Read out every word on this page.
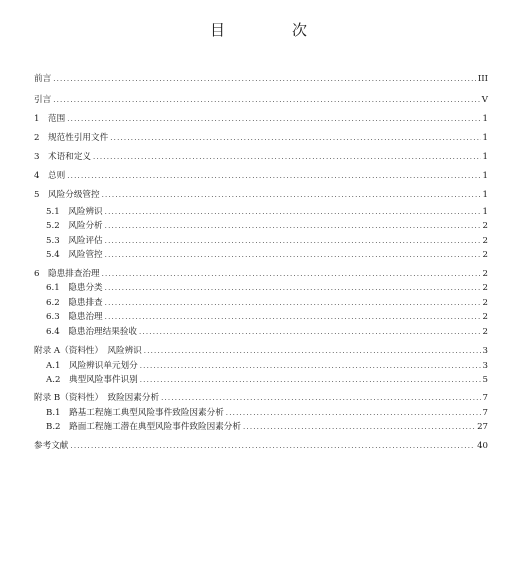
目　次
前言 .....	III
引言 .....	V
1　范围 .....	1
2　规范性引用文件 .....	1
3　术语和定义 .....	1
4　总则 .....	1
5　风险分级管控 .....	1
5.1　风险辨识 .....	1
5.2　风险分析 .....	2
5.3　风险评估 .....	2
5.4　风险管控 .....	2
6　隐患排查治理 .....	2
6.1　隐患分类 .....	2
6.2　隐患排查 .....	2
6.3　隐患治理 .....	2
6.4　隐患治理结果验收 .....	2
附录 A（资料性）　风险辨识 .....	3
A.1　风险辨识单元划分 .....	3
A.2　典型风险事件识别 .....	5
附录 B（资料性）　致险因素分析 .....	7
B.1　路基工程施工典型风险事件致险因素分析 .....	7
B.2　路面工程施工潜在典型风险事件致险因素分析 .....	27
参考文献 .....	40
